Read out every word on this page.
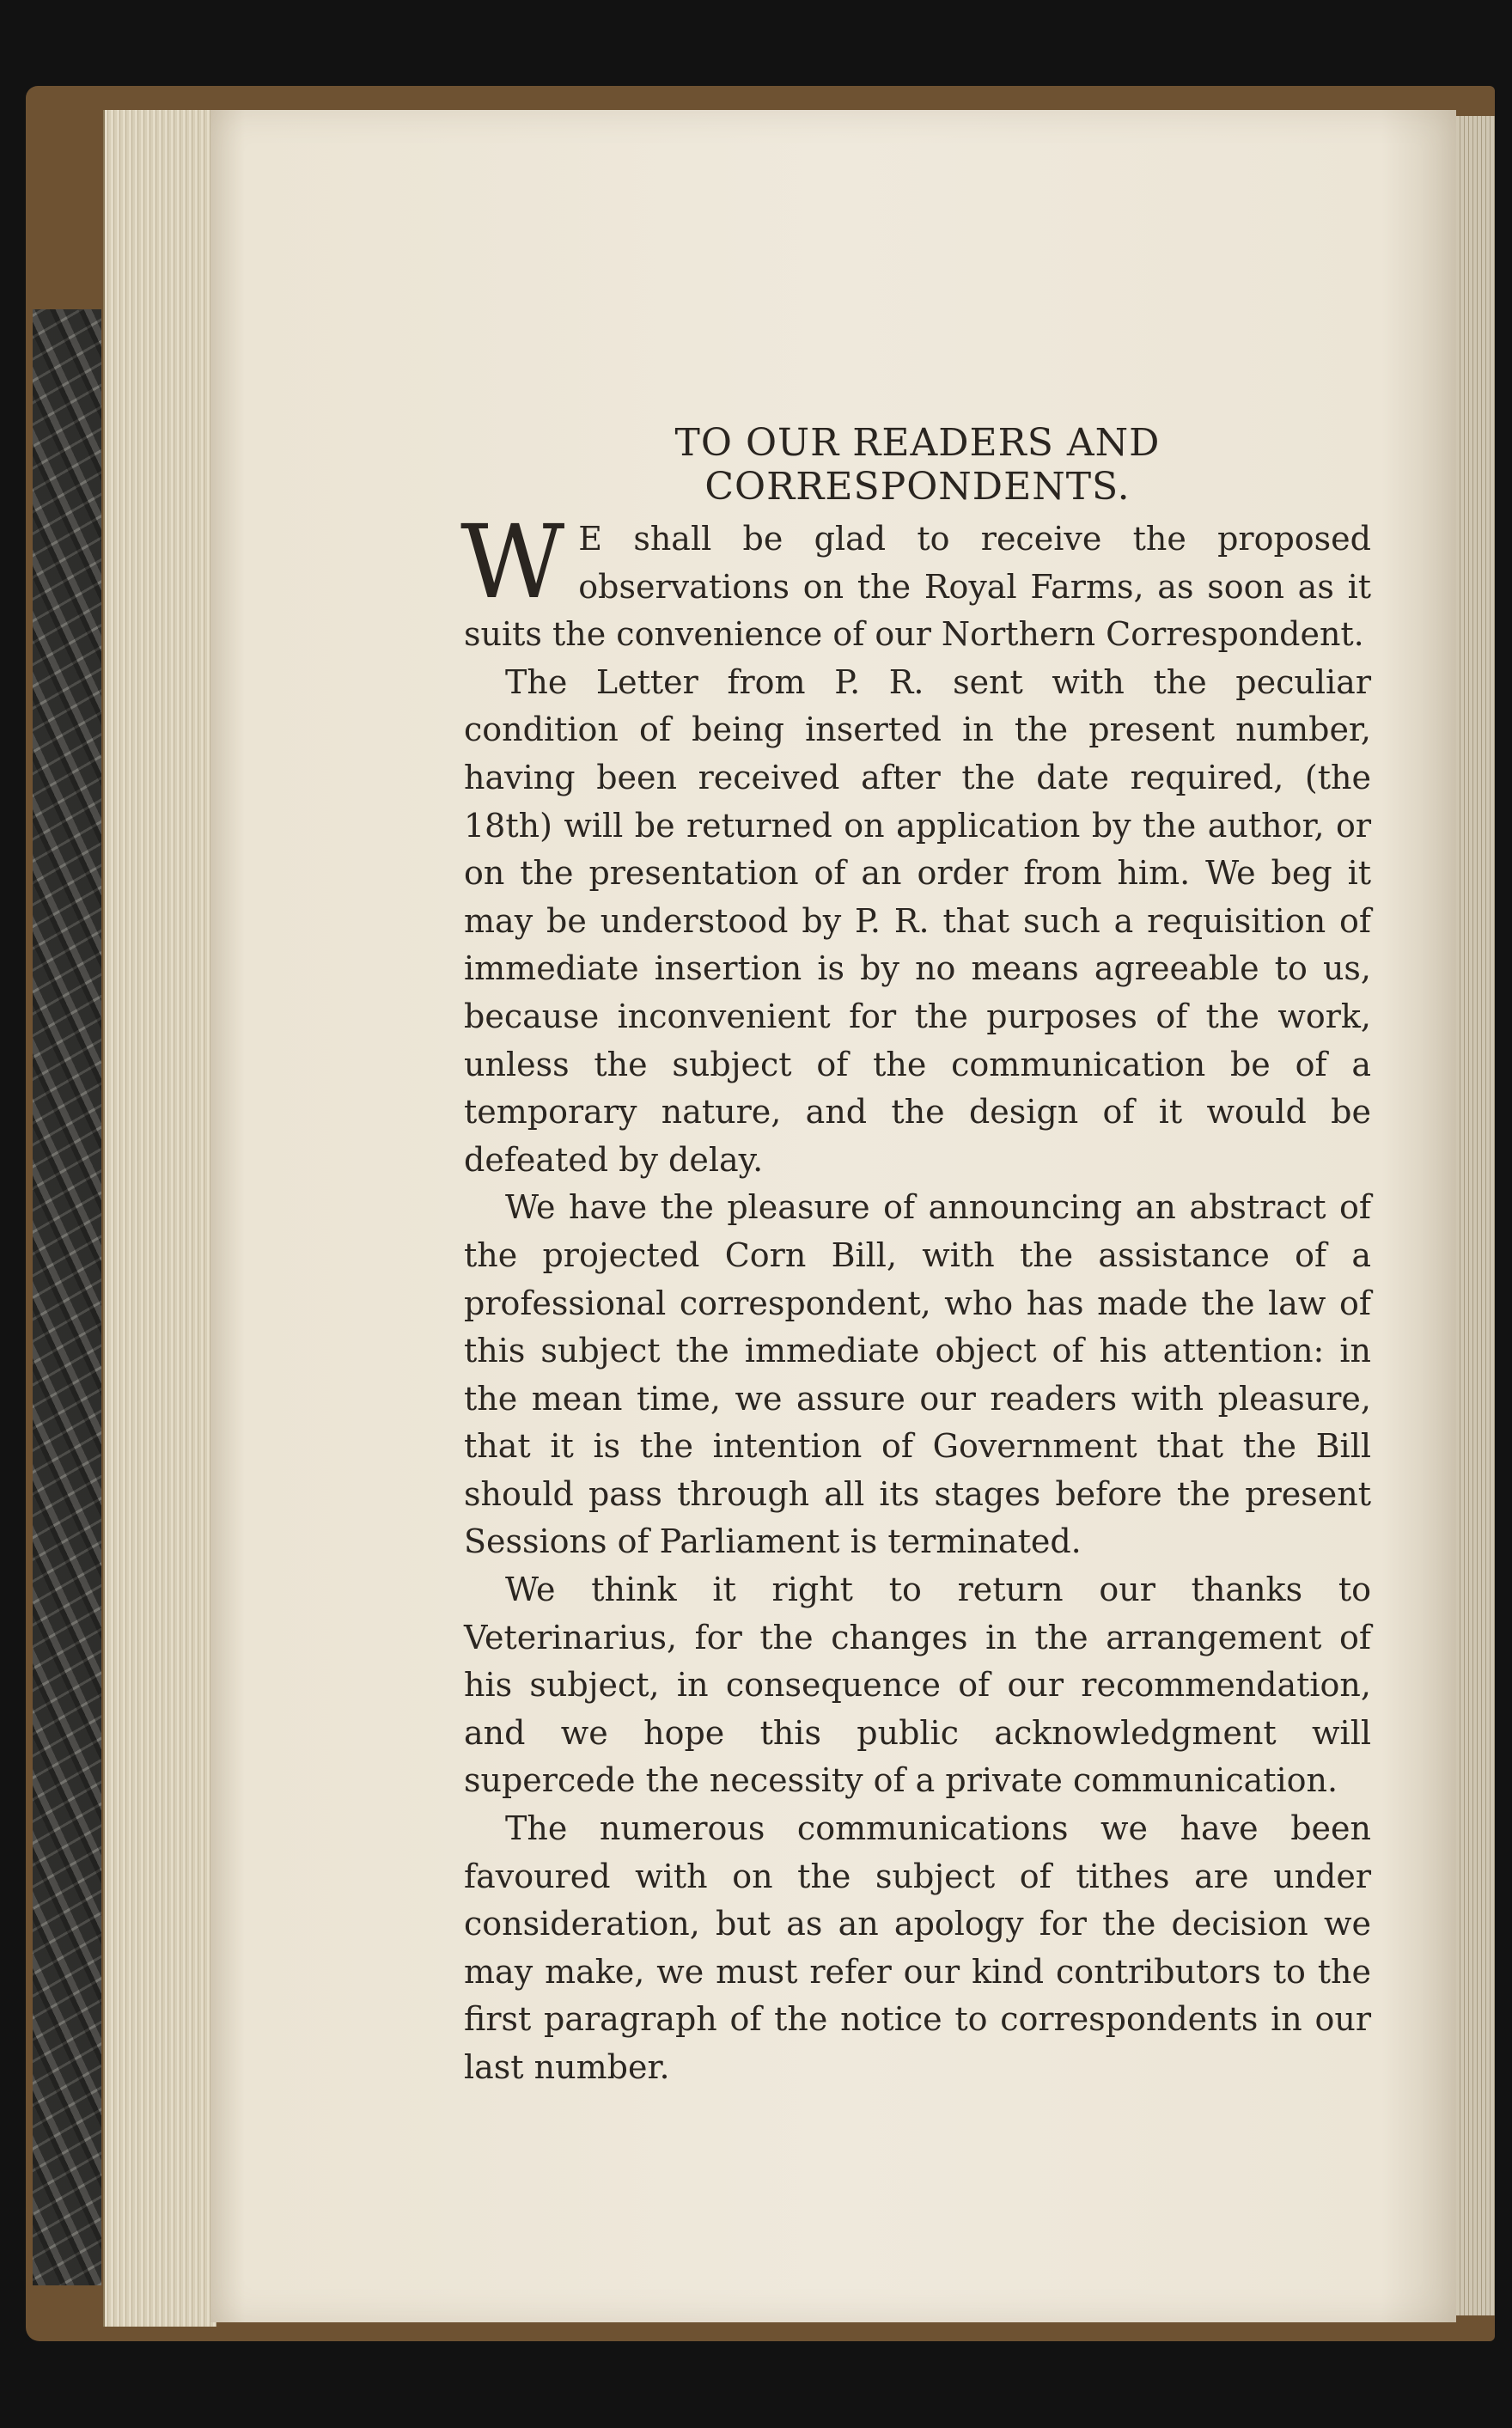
TO OUR READERS AND CORRESPONDENTS.

W E shall be glad to receive the proposed observations on the Royal Farms, as soon as it suits the convenience of our Northern Correspondent.

The Letter from P. R. sent with the peculiar condition of being inserted in the present number, having been received after the date required, (the 18th) will be returned on application by the author, or on the presentation of an order from him. We beg it may be understood by P. R. that such a requisition of immediate insertion is by no means agreeable to us, because inconvenient for the purposes of the work, unless the subject of the communication be of a temporary nature, and the design of it would be defeated by delay.

We have the pleasure of announcing an abstract of the projected Corn Bill, with the assistance of a professional correspondent, who has made the law of this subject the immediate object of his attention: in the mean time, we assure our readers with pleasure, that it is the intention of Government that the Bill should pass through all its stages before the present Sessions of Parliament is terminated.

We think it right to return our thanks to Veterinarius, for the changes in the arrangement of his subject, in consequence of our recommendation, and we hope this public acknowledgment will supercede the necessity of a private communication.

The numerous communications we have been favoured with on the subject of tithes are under consideration, but as an apology for the decision we may make, we must refer our kind contributors to the first paragraph of the notice to correspondents in our last number.
